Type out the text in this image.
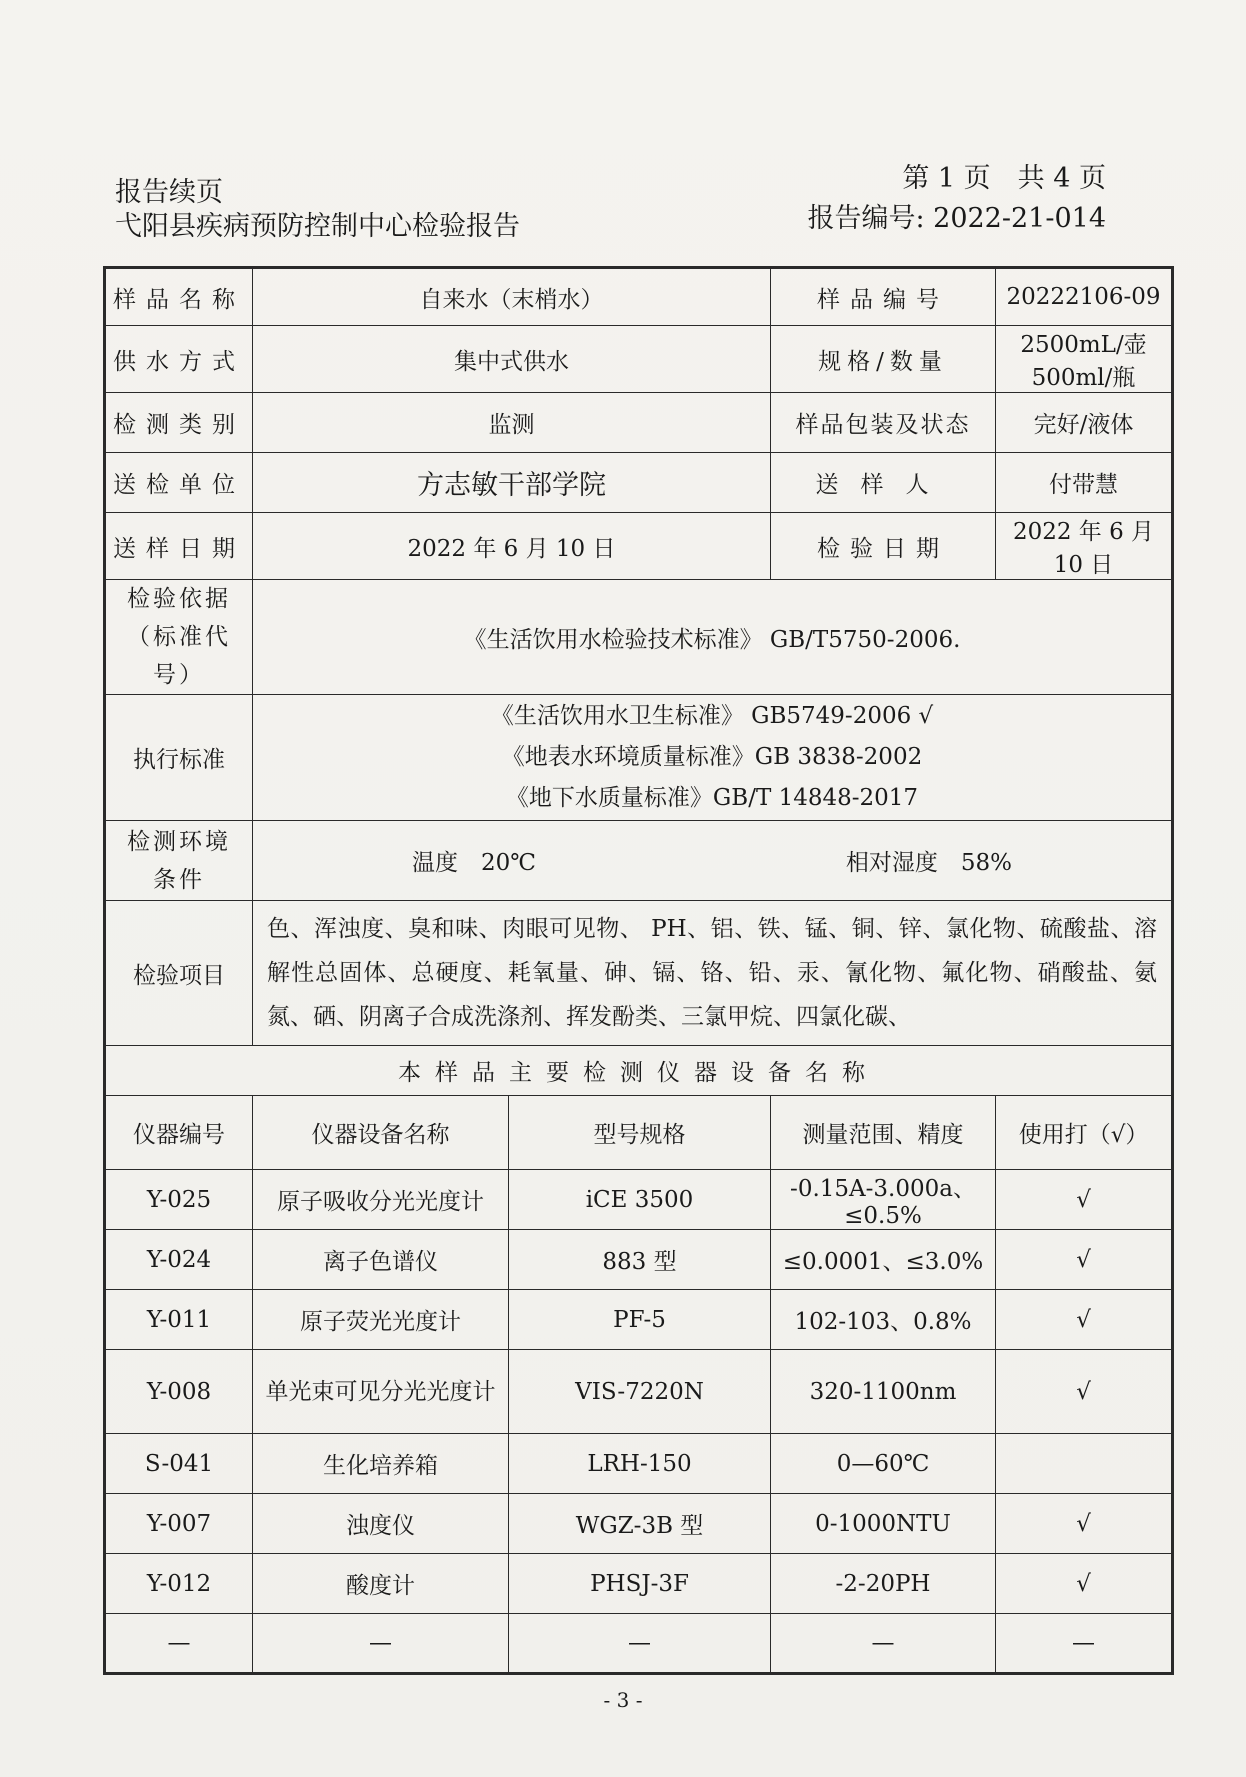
报告续页
弋阳县疾病预防控制中心检验报告
第 1 页　共 4 页
报告编号: 2022-21-014
样品名称	自来水（末梢水）		样品编号	20222106-09
供水方式	集中式供水		规格/数量	2500mL/壶 500ml/瓶
检测类别	监测		样品包装及状态	完好/液体
送检单位	方志敏干部学院		送样人	付带慧
送样日期	2022 年 6 月 10 日		检验日期	2022 年 6 月 10 日
检验依据（标准代号）	《生活饮用水检验技术标准》 GB/T5750-2006.			
执行标准	《生活饮用水卫生标准》 GB5749-2006 √
《地表水环境质量标准》GB 3838-2002
《地下水质量标准》GB/T 14848-2017			

检测环境条件	温度　20℃ 相对湿度　58%			

检验项目	色、浑浊度、臭和味、肉眼可见物、 PH、铝、铁、锰、铜、锌、氯化物、硫酸盐、溶解性总固体、总硬度、耗氧量、砷、镉、铬、铅、汞、氰化物、氟化物、硝酸盐、氨氮、硒、阴离子合成洗涤剂、挥发酚类、三氯甲烷、四氯化碳、			
本样品主要检测仪器设备名称				
仪器编号	仪器设备名称	型号规格	测量范围、精度	使用打（√）
Y-025	原子吸收分光光度计	iCE 3500	-0.15A-3.000a、≤0.5%	√
Y-024	离子色谱仪	883 型	≤0.0001、≤3.0%	√
Y-011	原子荧光光度计	PF-5	102-103、0.8%	√
Y-008	单光束可见分光光度计	VIS-7220N	320-1100nm	√
S-041	生化培养箱	LRH-150	0—60℃	
Y-007	浊度仪	WGZ-3B 型	0-1000NTU	√
Y-012	酸度计	PHSJ-3F	-2-20PH	√
—	—	—	—	—
- 3 -
